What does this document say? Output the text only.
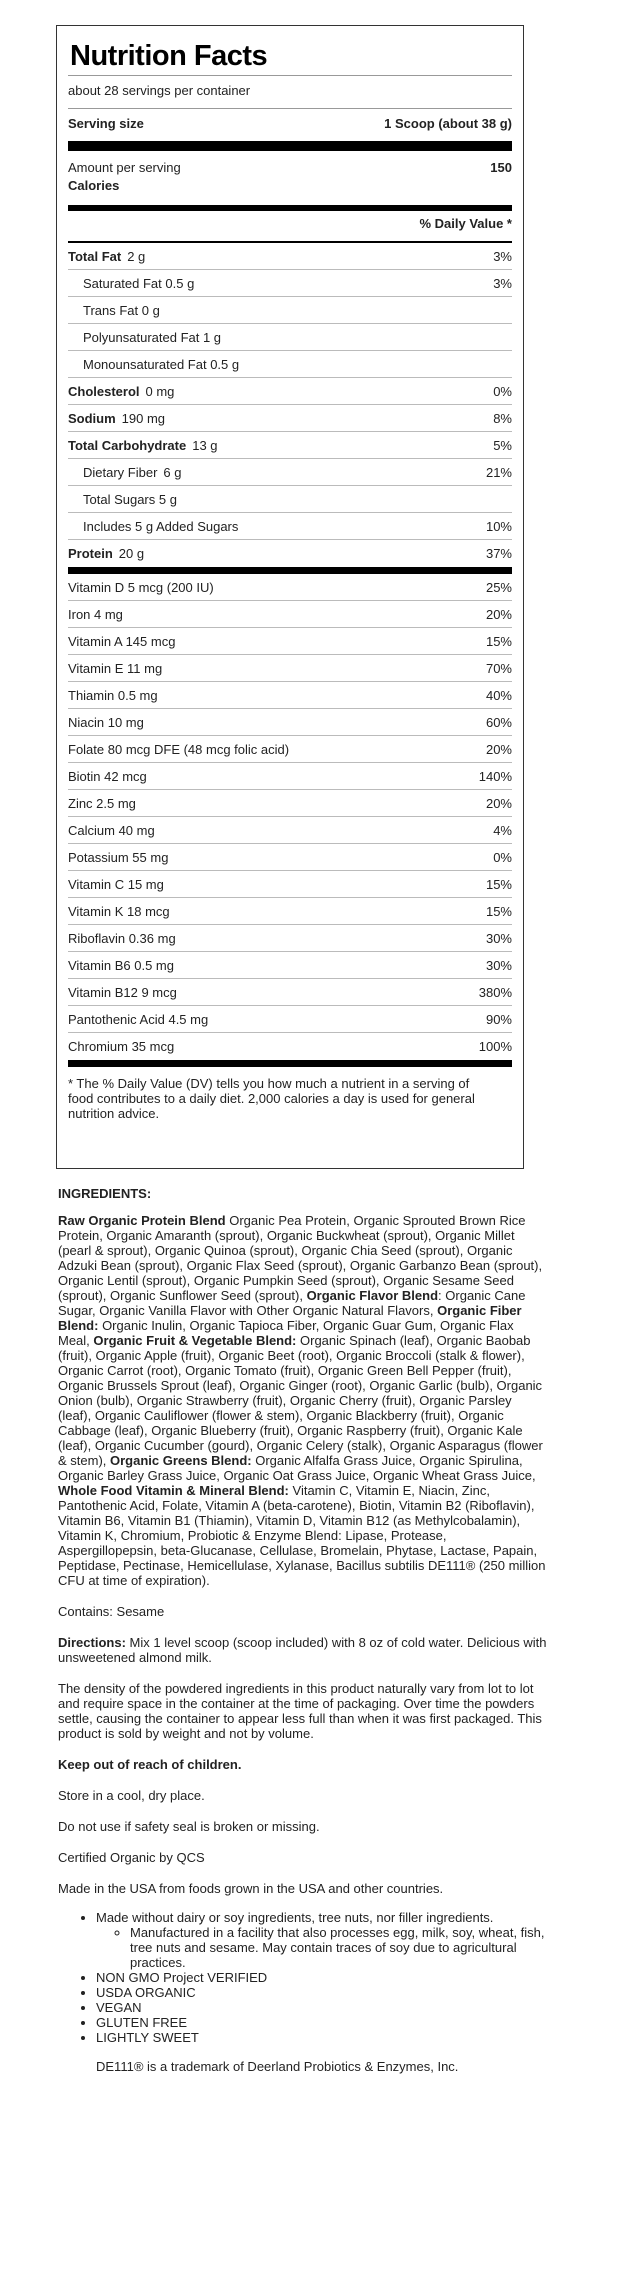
Nutrition Facts
about 28 servings per container
Serving size	1 Scoop (about 38 g)
Amount per serving	150
Calories
% Daily Value *
Total Fat 2 g	3%
Saturated Fat 0.5 g	3%
Trans Fat 0 g
Polyunsaturated Fat 1 g
Monounsaturated Fat 0.5 g
Cholesterol 0 mg	0%
Sodium 190 mg	8%
Total Carbohydrate 13 g	5%
Dietary Fiber 6 g	21%
Total Sugars 5 g
Includes 5 g Added Sugars	10%
Protein 20 g	37%
Vitamin D 5 mcg (200 IU)	25%
Iron 4 mg	20%
Vitamin A 145 mcg	15%
Vitamin E 11 mg	70%
Thiamin 0.5 mg	40%
Niacin 10 mg	60%
Folate 80 mcg DFE (48 mcg folic acid)	20%
Biotin 42 mcg	140%
Zinc 2.5 mg	20%
Calcium 40 mg	4%
Potassium 55 mg	0%
Vitamin C 15 mg	15%
Vitamin K 18 mcg	15%
Riboflavin 0.36 mg	30%
Vitamin B6 0.5 mg	30%
Vitamin B12 9 mcg	380%
Pantothenic Acid 4.5 mg	90%
Chromium 35 mcg	100%
* The % Daily Value (DV) tells you how much a nutrient in a serving of food contributes to a daily diet. 2,000 calories a day is used for general nutrition advice.
INGREDIENTS:
Raw Organic Protein Blend Organic Pea Protein, Organic Sprouted Brown Rice Protein, Organic Amaranth (sprout), Organic Buckwheat (sprout), Organic Millet (pearl & sprout), Organic Quinoa (sprout), Organic Chia Seed (sprout), Organic Adzuki Bean (sprout), Organic Flax Seed (sprout), Organic Garbanzo Bean (sprout), Organic Lentil (sprout), Organic Pumpkin Seed (sprout), Organic Sesame Seed (sprout), Organic Sunflower Seed (sprout), Organic Flavor Blend: Organic Cane Sugar, Organic Vanilla Flavor with Other Organic Natural Flavors, Organic Fiber Blend: Organic Inulin, Organic Tapioca Fiber, Organic Guar Gum, Organic Flax Meal, Organic Fruit & Vegetable Blend: Organic Spinach (leaf), Organic Baobab (fruit), Organic Apple (fruit), Organic Beet (root), Organic Broccoli (stalk & flower), Organic Carrot (root), Organic Tomato (fruit), Organic Green Bell Pepper (fruit), Organic Brussels Sprout (leaf), Organic Ginger (root), Organic Garlic (bulb), Organic Onion (bulb), Organic Strawberry (fruit), Organic Cherry (fruit), Organic Parsley (leaf), Organic Cauliflower (flower & stem), Organic Blackberry (fruit), Organic Cabbage (leaf), Organic Blueberry (fruit), Organic Raspberry (fruit), Organic Kale (leaf), Organic Cucumber (gourd), Organic Celery (stalk), Organic Asparagus (flower & stem), Organic Greens Blend: Organic Alfalfa Grass Juice, Organic Spirulina, Organic Barley Grass Juice, Organic Oat Grass Juice, Organic Wheat Grass Juice, Whole Food Vitamin & Mineral Blend: Vitamin C, Vitamin E, Niacin, Zinc, Pantothenic Acid, Folate, Vitamin A (beta-carotene), Biotin, Vitamin B2 (Riboflavin), Vitamin B6, Vitamin B1 (Thiamin), Vitamin D, Vitamin B12 (as Methylcobalamin), Vitamin K, Chromium, Probiotic & Enzyme Blend: Lipase, Protease, Aspergillopepsin, beta-Glucanase, Cellulase, Bromelain, Phytase, Lactase, Papain, Peptidase, Pectinase, Hemicellulase, Xylanase, Bacillus subtilis DE111® (250 million CFU at time of expiration).
Contains: Sesame
Directions: Mix 1 level scoop (scoop included) with 8 oz of cold water. Delicious with unsweetened almond milk.
The density of the powdered ingredients in this product naturally vary from lot to lot and require space in the container at the time of packaging. Over time the powders settle, causing the container to appear less full than when it was first packaged. This product is sold by weight and not by volume.
Keep out of reach of children.
Store in a cool, dry place.
Do not use if safety seal is broken or missing.
Certified Organic by QCS
Made in the USA from foods grown in the USA and other countries.
• Made without dairy or soy ingredients, tree nuts, nor filler ingredients.
◦ Manufactured in a facility that also processes egg, milk, soy, wheat, fish, tree nuts and sesame. May contain traces of soy due to agricultural practices.
• NON GMO Project VERIFIED
• USDA ORGANIC
• VEGAN
• GLUTEN FREE
• LIGHTLY SWEET
DE111® is a trademark of Deerland Probiotics & Enzymes, Inc.
